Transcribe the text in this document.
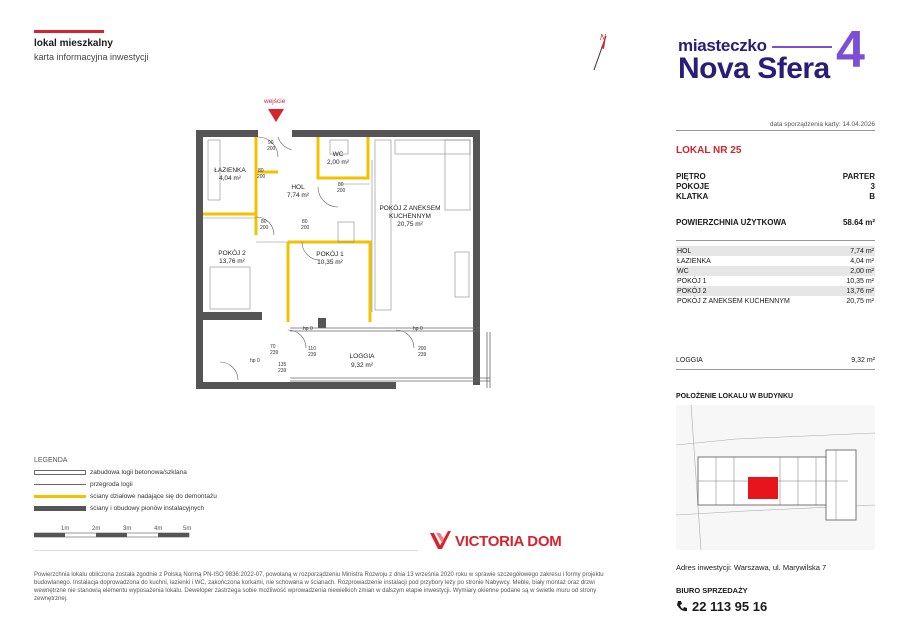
lokal mieszkalny
karta informacyjna inwestycji
N	miasteczko
Nova Sfera 4
wejście
90
200
80
200
80
200
80
200
80
200
hp 0	hp 0
hp 0
110
239
200
239
135
239
70
239
ŁAZIENKA
4,04 m²
WC
2,00 m²
HOL
7,74 m²
POKÓJ Z ANEKSEM
KUCHENNYM
20,75 m²
POKÓJ 2
13,76 m²
POKÓJ 1
10,35 m²
LOGGIA
9,32 m²
LEGENDA
zabudowa logii betonowa/szklana
przegroda logii
ściany działowe nadające się do demontażu
ściany i obudowy pionów instalacyjnych
1m	2m	3m	4m	5m
VICTORIA DOM
Powierzchnia lokalu obliczona została zgodnie z Polską Normą PN-ISO 9836:2022-07, powołaną w rozporządzeniu Ministra Rozwoju z dnia 13 września 2020 roku w sprawie szczegółowego zakresu i formy projektu budowlanego. Instalacja doprowadzona do kuchni, łazienki i WC, zakończona korkami, nie schowana w ścianach. Rozprowadzenie instalacji pod przybory leży po stronie Nabywcy. Meble, biały montaż oraz drzwi wewnętrzne nie stanowią elementu wyposażenia lokalu. Deweloper zastrzega sobie możliwość wprowadzenia niewielkich zmian w dalszym etapie inwestycji. Wymiary okienne podane są w świetle muru od strony zewnętrznej.
data sporządzenia karty: 14.04.2026
LOKAL NR 25
PIĘTRO	PARTER
POKOJE	3
KLATKA	B
POWIERZCHNIA UŻYTKOWA	58.64 m²
HOL	7,74 m²
ŁAZIENKA	4,04 m²
WC	2,00 m²
POKÓJ 1	10,35 m²
POKÓJ 2	13,76 m²
POKÓJ Z ANEKSEM KUCHENNYM	20,75 m²
LOGGIA	9,32 m²
POŁOŻENIE LOKALU W BUDYNKU
Adres inwestycji: Warszawa, ul. Marywilska 7
BIURO SPRZEDAŻY
22 113 95 16
